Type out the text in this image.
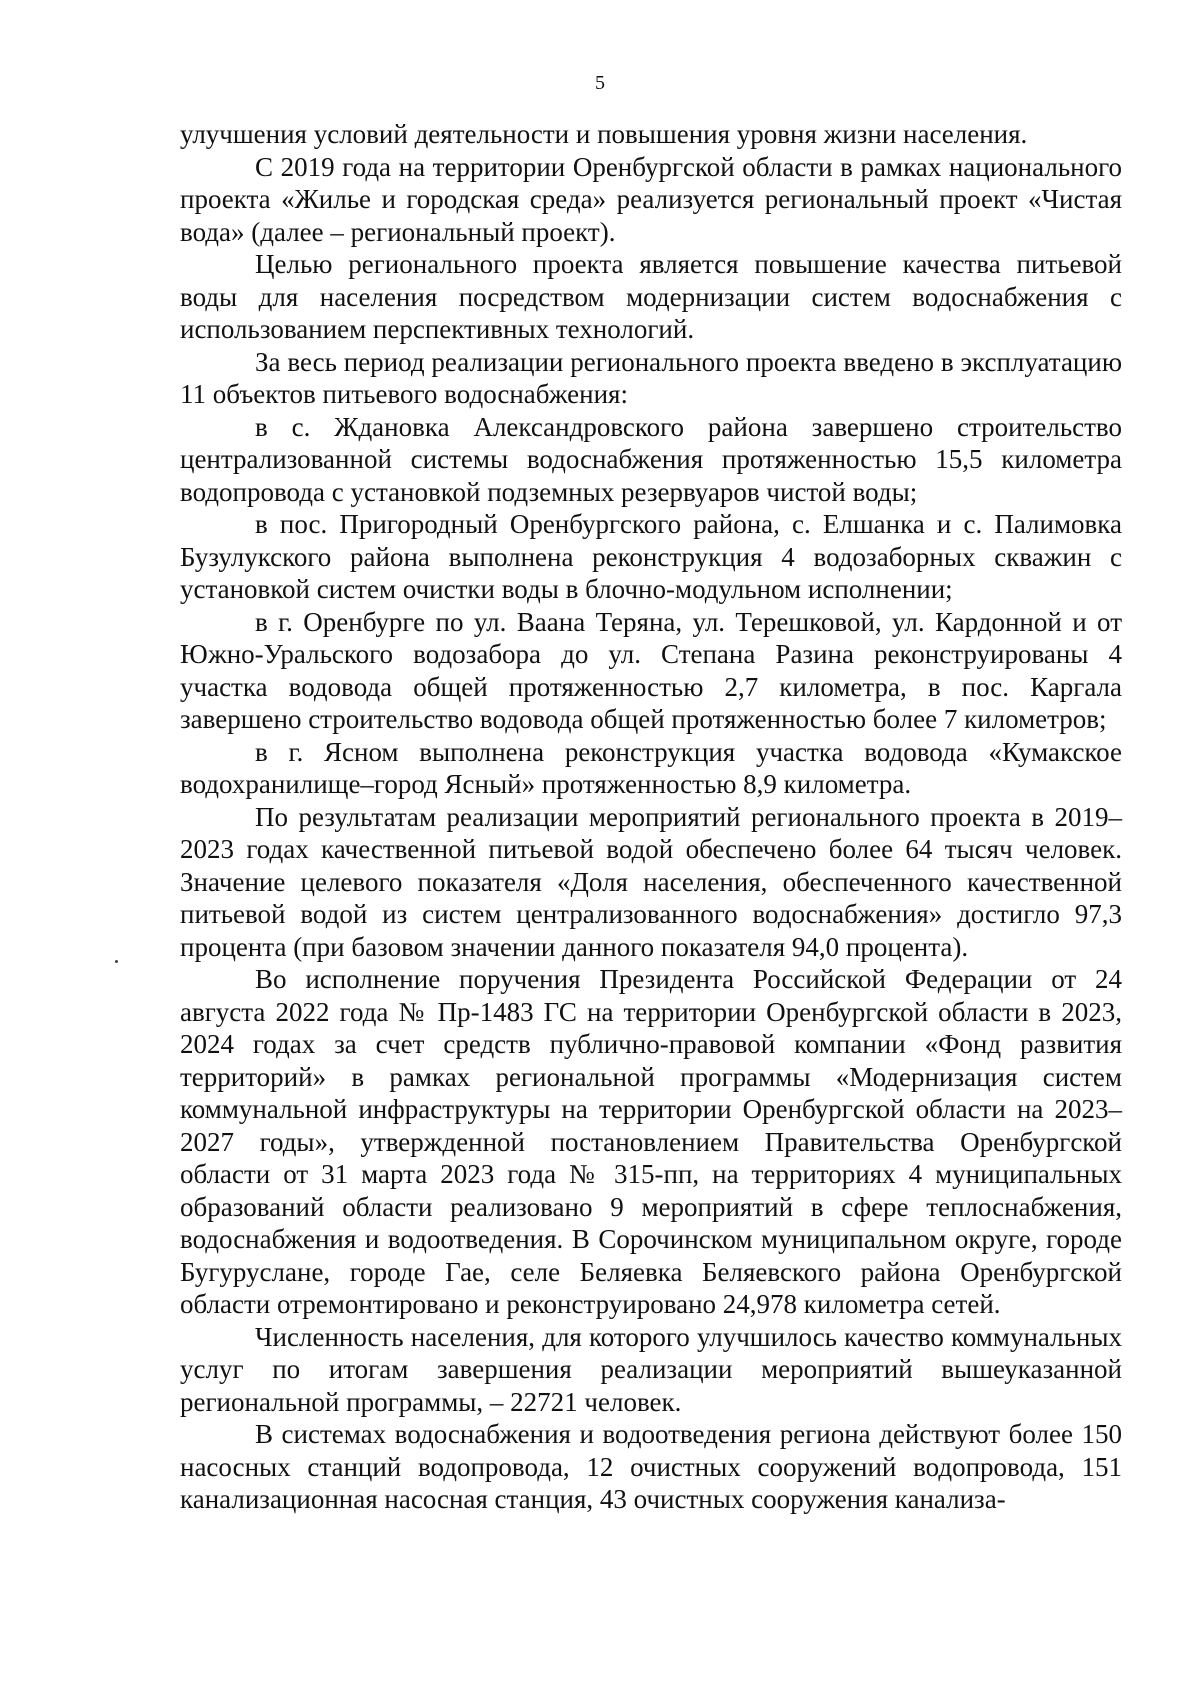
5

улучшения условий деятельности и повышения уровня жизни населения.

С 2019 года на территории Оренбургской области в рамках национального проекта «Жилье и городская среда» реализуется региональный проект «Чистая вода» (далее – региональный проект).

Целью регионального проекта является повышение качества питьевой воды для населения посредством модернизации систем водоснабжения с использованием перспективных технологий.

За весь период реализации регионального проекта введено в эксплуатацию 11 объектов питьевого водоснабжения:

в с. Ждановка Александровского района завершено строительство централизованной системы водоснабжения протяженностью 15,5 километра водопровода с установкой подземных резервуаров чистой воды;

в пос. Пригородный Оренбургского района, с. Елшанка и с. Палимовка Бузулукского района выполнена реконструкция 4 водозаборных скважин с установкой систем очистки воды в блочно-модульном исполнении;

в г. Оренбурге по ул. Ваана Теряна, ул. Терешковой, ул. Кардонной и от Южно-Уральского водозабора до ул. Степана Разина реконструированы 4 участка водовода общей протяженностью 2,7 километра, в пос. Каргала завершено строительство водовода общей протяженностью более 7 километров;

в г. Ясном выполнена реконструкция участка водовода «Кумакское водохранилище–город Ясный» протяженностью 8,9 километра.

По результатам реализации мероприятий регионального проекта в 2019–2023 годах качественной питьевой водой обеспечено более 64 тысяч человек. Значение целевого показателя «Доля населения, обеспеченного качественной питьевой водой из систем централизованного водоснабжения» достигло 97,3 процента (при базовом значении данного показателя 94,0 процента).

Во исполнение поручения Президента Российской Федерации от 24 августа 2022 года № Пр-1483 ГС на территории Оренбургской области в 2023, 2024 годах за счет средств публично-правовой компании «Фонд развития территорий» в рамках региональной программы «Модернизация систем коммунальной инфраструктуры на территории Оренбургской области на 2023–2027 годы», утвержденной постановлением Правительства Оренбургской области от 31 марта 2023 года № 315-пп, на территориях 4 муниципальных образований области реализовано 9 мероприятий в сфере теплоснабжения, водоснабжения и водоотведения. В Сорочинском муниципальном округе, городе Бугуруслане, городе Гае, селе Беляевка Беляевского района Оренбургской области отремонтировано и реконструировано 24,978 километра сетей.

Численность населения, для которого улучшилось качество коммунальных услуг по итогам завершения реализации мероприятий вышеуказанной региональной программы, – 22721 человек.

В системах водоснабжения и водоотведения региона действуют более 150 насосных станций водопровода, 12 очистных сооружений водопровода, 151 канализационная насосная станция, 43 очистных сооружения канализа-
